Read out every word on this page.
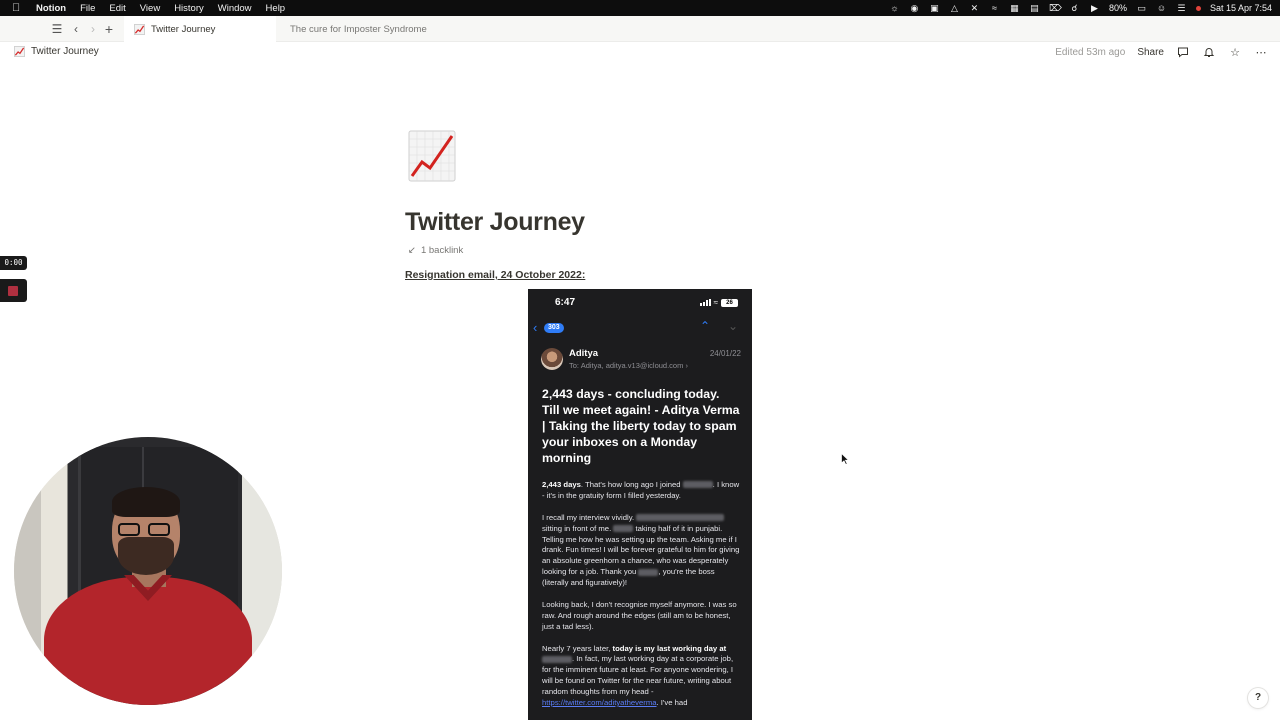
Notion File Edit View History Window Help	☼ ◉ ▣ △ ✕	≈	▦ ▤ ⌦ ☌ ▶ 80% ▭ ☺ ☰	Sat 15 Apr 7:54
☰ ‹	› +	Twitter Journey	The cure for Imposter Syndrome
Twitter Journey	Edited 53m ago Share	☆ ⋯
Twitter Journey
↙ 1 backlink
Resignation email, 24 October 2022:
6:47	≈	26
‹	303	⌃ ⌄
Aditya	24/01/22
To: Aditya, aditya.v13@icloud.com ›
2,443 days - concluding today. Till we meet again! - Aditya Verma | Taking the liberty today to spam your inboxes on a Monday morning

2,443 days. That's how long ago I joined	. I know - it's in the gratuity form I filled yesterday.

I recall my interview vividly.  sitting in front of me.	taking half of it in punjabi. Telling me how he was setting up the team. Asking me if I drank. Fun times! I will be forever grateful to him for giving an absolute greenhorn a chance, who was desperately looking for a job. Thank you	, you're the boss (literally and figuratively)!

Looking back, I don't recognise myself anymore. I was so raw. And rough around the edges (still am to be honest, just a tad less).

Nearly 7 years later, today is my last working day at . In fact, my last working day at a corporate job, for the imminent future at least. For anyone wondering, I will be found on Twitter for the near future, writing about random thoughts from my head - https://twitter.com/adityatheverma. I've had

0:00
?
